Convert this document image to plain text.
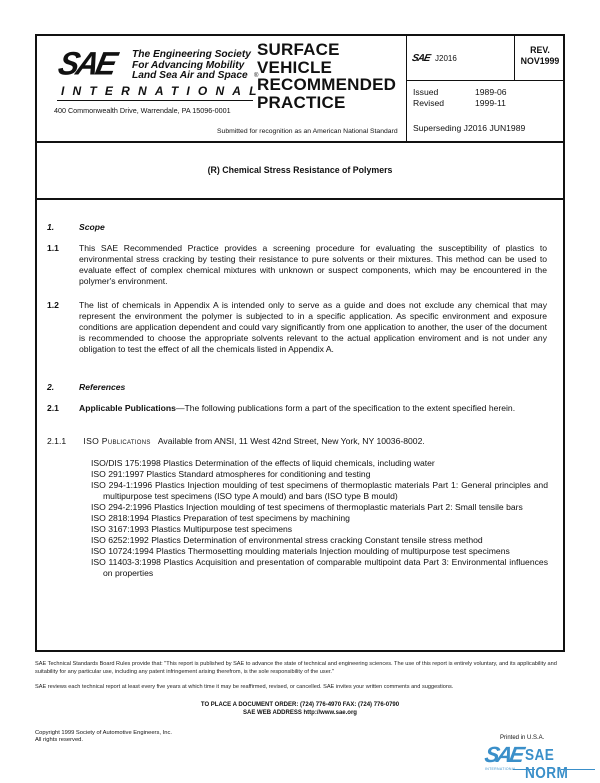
SAE The Engineering Society
For Advancing Mobility
Land Sea Air and Space	®
INTERNATIONAL
400 Commonwealth Drive, Warrendale, PA 15096-0001
SURFACE
VEHICLE
RECOMMENDED
PRACTICE
Submitted for recognition as an American National Standard
SAE J2016
REV.
NOV1999
Issued	1989-06
Revised	1999-11
Superseding J2016 JUN1989
(R) Chemical Stress Resistance of Polymers
1.	Scope
1.1 This SAE Recommended Practice provides a screening procedure for evaluating the susceptibility of plastics to environmental stress cracking by testing their resistance to pure solvents or their mixtures. This method can be used to evaluate effect of complex chemical mixtures with unknown or suspect components, which may be encountered in the polymer's environment.
1.2 The list of chemicals in Appendix A is intended only to serve as a guide and does not exclude any chemical that may represent the environment the polymer is subjected to in a specific application. As specific environment and exposure conditions are application dependent and could vary significantly from one application to another, the user of the document is recommended to choose the appropriate solvents relevant to the actual application enviroment and is not under any obligation to test the effect of all the chemicals listed in Appendix A.
2.	References
2.1 Applicable Publications—The following publications form a part of the specification to the extent specified herein.
2.1.1 ISO Publications Available from ANSI, 11 West 42nd Street, New York, NY 10036-8002.

ISO/DIS 175:1998 Plastics Determination of the effects of liquid chemicals, including water

ISO 291:1997 Plastics Standard atmospheres for conditioning and testing

ISO 294-1:1996 Plastics Injection moulding of test specimens of thermoplastic materials Part 1: General principles and multipurpose test specimens (ISO type A mould) and bars (ISO type B mould)

ISO 294-2:1996 Plastics Injection moulding of test specimens of thermoplastic materials Part 2: Small tensile bars

ISO 2818:1994 Plastics Preparation of test specimens by machining

ISO 3167:1993 Plastics Multipurpose test specimens

ISO 6252:1992 Plastics Determination of environmental stress cracking Constant tensile stress method

ISO 10724:1994 Plastics Thermosetting moulding materials Injection moulding of multipurpose test specimens

ISO 11403-3:1998 Plastics Acquisition and presentation of comparable multipoint data Part 3: Environmental influences on properties

SAE Technical Standards Board Rules provide that: "This report is published by SAE to advance the state of technical and engineering sciences. The use of this report is entirely voluntary, and its applicability and suitability for any particular use, including any patent infringement arising therefrom, is the sole responsibility of the user."
SAE reviews each technical report at least every five years at which time it may be reaffirmed, revised, or cancelled. SAE invites your written comments and suggestions.
TO PLACE A DOCUMENT ORDER: (724) 776-4970 FAX: (724) 776-0790
SAE WEB ADDRESS http://www.sae.org
Copyright 1999 Society of Automotive Engineers, Inc.
All rights reserved.	Printed in U.S.A.
SAE SAE NORM
INTERNATIONAL
